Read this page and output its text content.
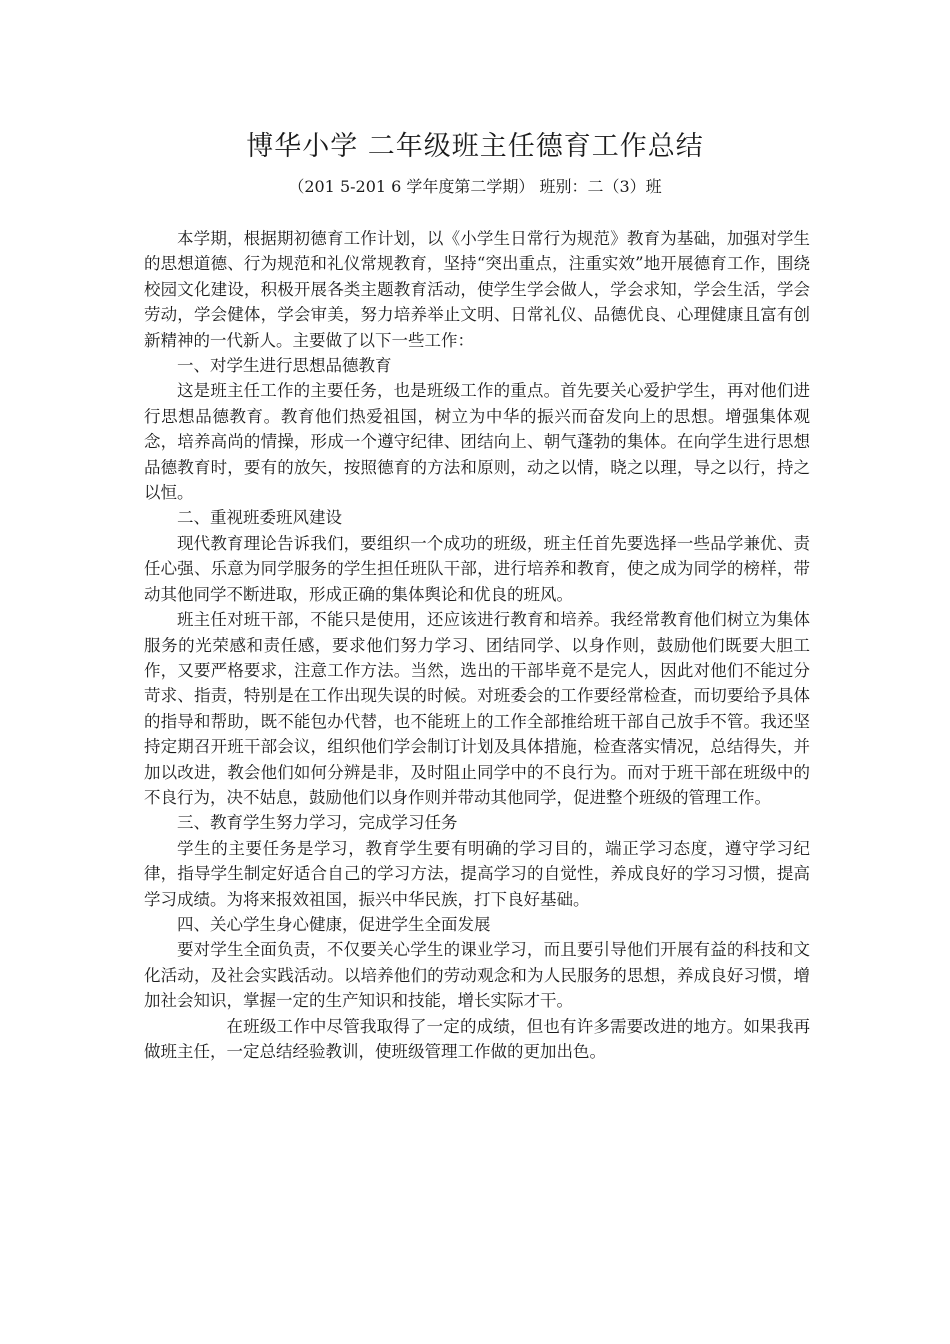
博华小学 二年级班主任德育工作总结
（201 5-201 6 学年度第二学期） 班别：二（3）班

本学期，根据期初德育工作计划，以《小学生日常行为规范》教育为基础，加强对学生的思想道德、行为规范和礼仪常规教育，坚持“突出重点，注重实效”地开展德育工作，围绕校园文化建设，积极开展各类主题教育活动，使学生学会做人，学会求知，学会生活，学会劳动，学会健体，学会审美，努力培养举止文明、日常礼仪、品德优良、心理健康且富有创新精神的一代新人。主要做了以下一些工作：

一、对学生进行思想品德教育

这是班主任工作的主要任务，也是班级工作的重点。首先要关心爱护学生，再对他们进行思想品德教育。教育他们热爱祖国，树立为中华的振兴而奋发向上的思想。增强集体观念，培养高尚的情操，形成一个遵守纪律、团结向上、朝气蓬勃的集体。在向学生进行思想品德教育时，要有的放矢，按照德育的方法和原则，动之以情，晓之以理，导之以行，持之以恒。

二、重视班委班风建设

现代教育理论告诉我们，要组织一个成功的班级，班主任首先要选择一些品学兼优、责任心强、乐意为同学服务的学生担任班队干部，进行培养和教育，使之成为同学的榜样，带动其他同学不断进取，形成正确的集体舆论和优良的班风。

班主任对班干部，不能只是使用，还应该进行教育和培养。我经常教育他们树立为集体服务的光荣感和责任感，要求他们努力学习、团结同学、以身作则，鼓励他们既要大胆工作，又要严格要求，注意工作方法。当然，选出的干部毕竟不是完人，因此对他们不能过分苛求、指责，特别是在工作出现失误的时候。对班委会的工作要经常检查，而切要给予具体的指导和帮助，既不能包办代替，也不能班上的工作全部推给班干部自己放手不管。我还坚持定期召开班干部会议，组织他们学会制订计划及具体措施，检查落实情况，总结得失，并加以改进，教会他们如何分辨是非，及时阻止同学中的不良行为。而对于班干部在班级中的不良行为，决不姑息，鼓励他们以身作则并带动其他同学，促进整个班级的管理工作。

三、教育学生努力学习，完成学习任务

学生的主要任务是学习，教育学生要有明确的学习目的，端正学习态度，遵守学习纪律，指导学生制定好适合自己的学习方法，提高学习的自觉性，养成良好的学习习惯，提高学习成绩。为将来报效祖国，振兴中华民族，打下良好基础。

四、关心学生身心健康，促进学生全面发展

要对学生全面负责，不仅要关心学生的课业学习，而且要引导他们开展有益的科技和文化活动，及社会实践活动。以培养他们的劳动观念和为人民服务的思想，养成良好习惯，增加社会知识，掌握一定的生产知识和技能，增长实际才干。

在班级工作中尽管我取得了一定的成绩，但也有许多需要改进的地方。如果我再做班主任，一定总结经验教训，使班级管理工作做的更加出色。
